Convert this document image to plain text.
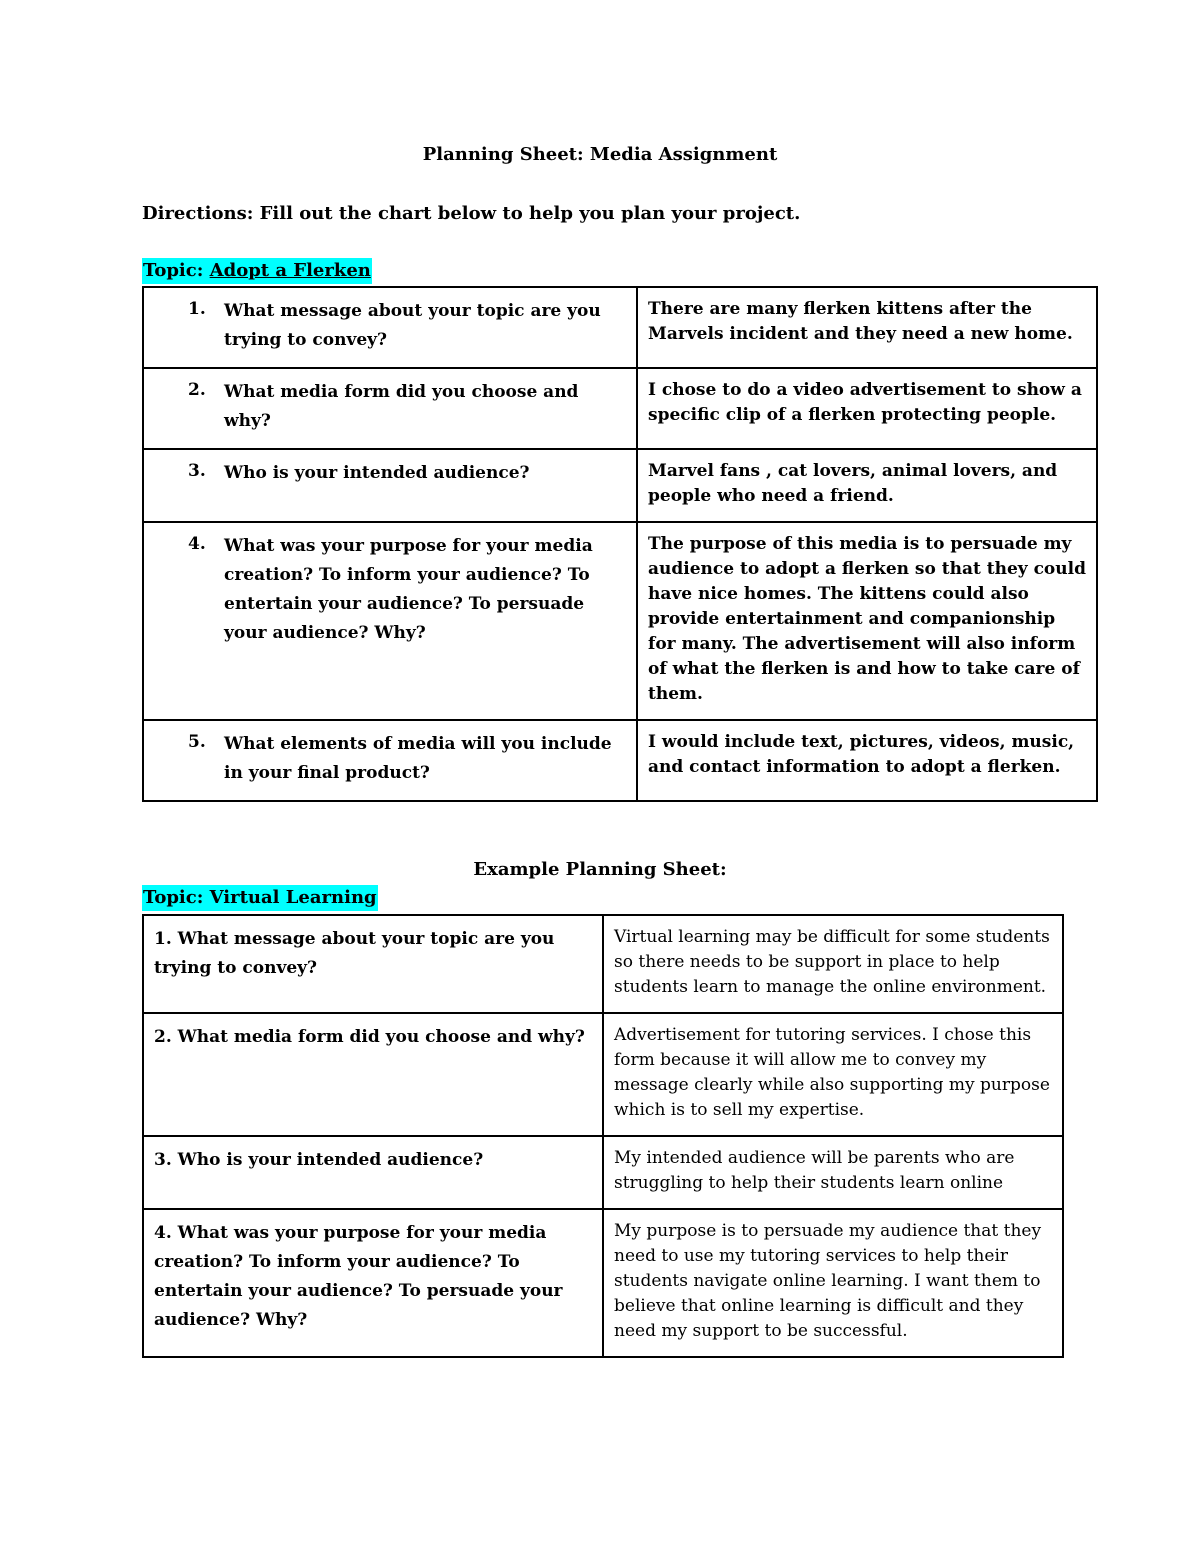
Planning Sheet: Media Assignment
Directions: Fill out the chart below to help you plan your project.
Topic: Adopt a Flerken
1. What message about your topic are you trying to convey?	There are many flerken kittens after the Marvels incident and they need a new home.

2. What media form did you choose and why?	I chose to do a video advertisement to show a specific clip of a flerken protecting people.

3. Who is your intended audience?	Marvel fans , cat lovers, animal lovers, and people who need a friend.

4. What was your purpose for your media creation? To inform your audience? To entertain your audience? To persuade your audience? Why?	The purpose of this media is to persuade my audience to adopt a flerken so that they could have nice homes. The kittens could also provide entertainment and companionship for many. The advertisement will also inform of what the flerken is and how to take care of them.

5. What elements of media will you include in your final product?	I would include text, pictures, videos, music, and contact information to adopt a flerken.
Example Planning Sheet:
Topic: Virtual Learning
1. What message about your topic are you trying to convey?	Virtual learning may be difficult for some students so there needs to be support in place to help students learn to manage the online environment.
2. What media form did you choose and why?	Advertisement for tutoring services. I chose this form because it will allow me to convey my message clearly while also supporting my purpose which is to sell my expertise.
3. Who is your intended audience?	My intended audience will be parents who are struggling to help their students learn online
4. What was your purpose for your media creation? To inform your audience? To entertain your audience? To persuade your audience? Why?	My purpose is to persuade my audience that they need to use my tutoring services to help their students navigate online learning. I want them to believe that online learning is difficult and they need my support to be successful.
